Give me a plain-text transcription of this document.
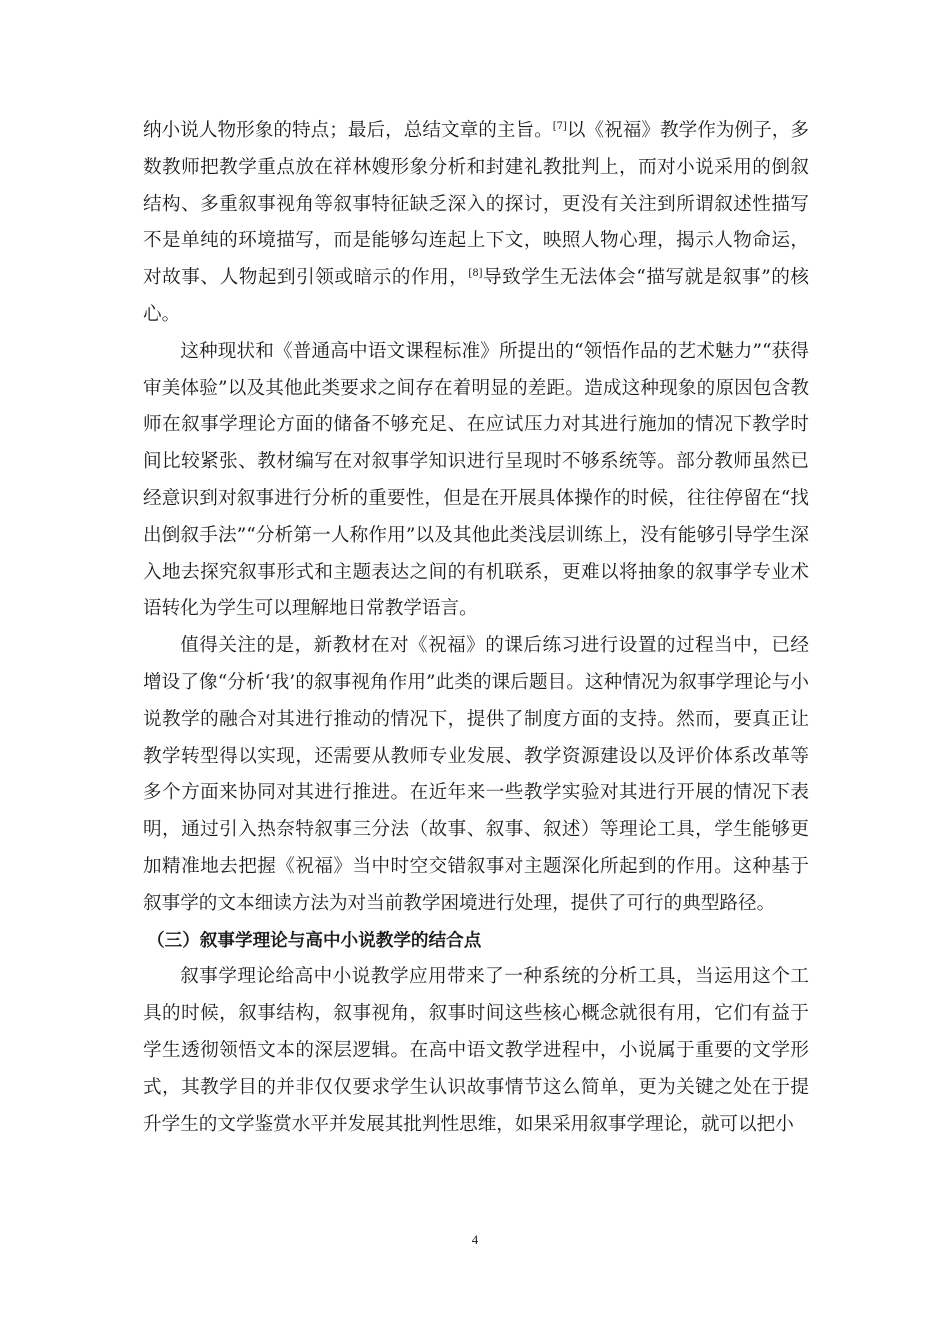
纳小说人物形象的特点；最后，总结文章的主旨。[7]以《祝福》教学作为例子，多数教师把教学重点放在祥林嫂形象分析和封建礼教批判上，而对小说采用的倒叙结构、多重叙事视角等叙事特征缺乏深入的探讨，更没有关注到所谓叙述性描写不是单纯的环境描写，而是能够勾连起上下文，映照人物心理，揭示人物命运，对故事、人物起到引领或暗示的作用，[8]导致学生无法体会“描写就是叙事”的核心。

这种现状和《普通高中语文课程标准》所提出的“领悟作品的艺术魅力”“获得审美体验”以及其他此类要求之间存在着明显的差距。造成这种现象的原因包含教师在叙事学理论方面的储备不够充足、在应试压力对其进行施加的情况下教学时间比较紧张、教材编写在对叙事学知识进行呈现时不够系统等。部分教师虽然已经意识到对叙事进行分析的重要性，但是在开展具体操作的时候，往往停留在“找出倒叙手法”“分析第一人称作用”以及其他此类浅层训练上，没有能够引导学生深入地去探究叙事形式和主题表达之间的有机联系，更难以将抽象的叙事学专业术语转化为学生可以理解地日常教学语言。

值得关注的是，新教材在对《祝福》的课后练习进行设置的过程当中，已经增设了像“分析‘我’的叙事视角作用”此类的课后题目。这种情况为叙事学理论与小说教学的融合对其进行推动的情况下，提供了制度方面的支持。然而，要真正让教学转型得以实现，还需要从教师专业发展、教学资源建设以及评价体系改革等多个方面来协同对其进行推进。在近年来一些教学实验对其进行开展的情况下表明，通过引入热奈特叙事三分法（故事、叙事、叙述）等理论工具，学生能够更加精准地去把握《祝福》当中时空交错叙事对主题深化所起到的作用。这种基于叙事学的文本细读方法为对当前教学困境进行处理，提供了可行的典型路径。

（三）叙事学理论与高中小说教学的结合点

叙事学理论给高中小说教学应用带来了一种系统的分析工具，当运用这个工具的时候，叙事结构，叙事视角，叙事时间这些核心概念就很有用，它们有益于学生透彻领悟文本的深层逻辑。在高中语文教学进程中，小说属于重要的文学形式，其教学目的并非仅仅要求学生认识故事情节这么简单，更为关键之处在于提升学生的文学鉴赏水平并发展其批判性思维，如果采用叙事学理论，就可以把小

4
